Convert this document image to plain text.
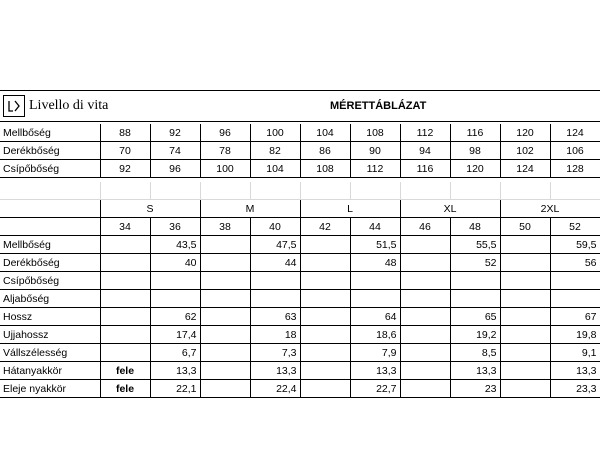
Livello di vita	MÉRETTÁBLÁZAT
Mellbőség	88	92	96	100	104	108	112	116	120	124
Derékbőség	70	74	78	82	86	90	94	98	102	106
Csípőbőség	92	96	100	104	108	112	116	120	124	128

	S		M		L		XL		2XL	
	34	36	38	40	42	44	46	48	50	52
Mellbőség		43,5		47,5		51,5		55,5		59,5
Derékbőség		40		44		48		52		56
Csípőbőség										
Aljabőség										
Hossz		62		63		64		65		67
Ujjahossz		17,4		18		18,6		19,2		19,8
Vállszélesség		6,7		7,3		7,9		8,5		9,1
Hátanyakkör	fele	13,3		13,3		13,3		13,3		13,3
Eleje nyakkör	fele	22,1		22,4		22,7		23		23,3
